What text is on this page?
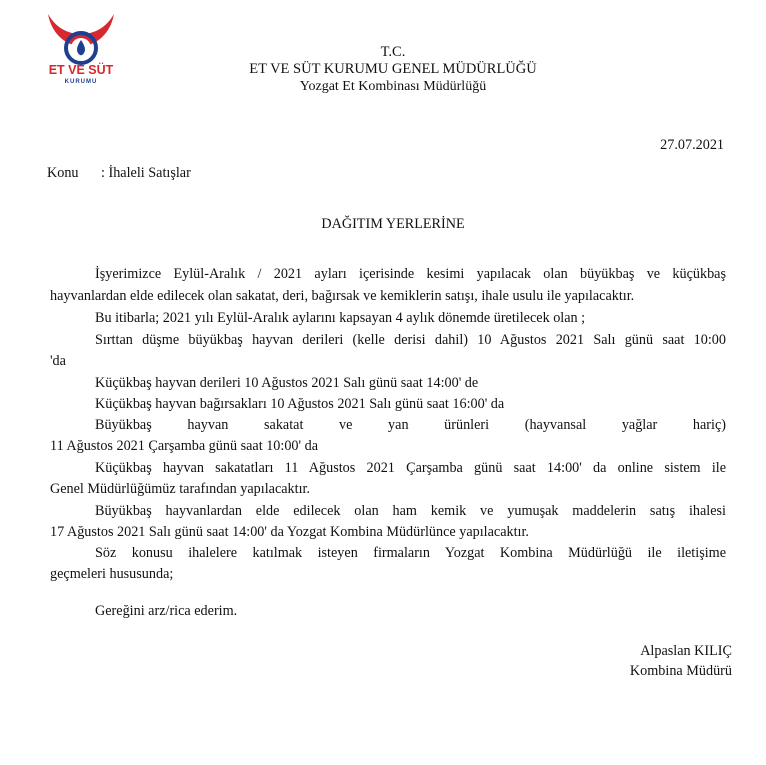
ET VE SÜT
KURUMU
T.C.
ET VE SÜT KURUMU GENEL MÜDÜRLÜĞÜ
Yozgat Et Kombinası Müdürlüğü
27.07.2021
Konu : İhaleli Satışlar
DAĞITIM YERLERİNE
İşyerimizce Eylül-Aralık / 2021 ayları içerisinde kesimi yapılacak olan büyükbaş ve küçükbaş
hayvanlardan elde edilecek olan sakatat, deri, bağırsak ve kemiklerin satışı, ihale usulu ile yapılacaktır.
Bu itibarla; 2021 yılı Eylül-Aralık aylarını kapsayan 4 aylık dönemde üretilecek olan ;
Sırttan düşme büyükbaş hayvan derileri (kelle derisi dahil) 10 Ağustos 2021 Salı günü saat 10:00
'da
Küçükbaş hayvan derileri 10 Ağustos 2021 Salı günü saat 14:00' de
Küçükbaş hayvan bağırsakları 10 Ağustos 2021 Salı günü saat 16:00' da
Büyükbaş hayvan sakatat ve yan ürünleri (hayvansal yağlar hariç)
11 Ağustos 2021 Çarşamba günü saat 10:00' da
Küçükbaş hayvan sakatatları 11 Ağustos 2021 Çarşamba günü saat 14:00' da online sistem ile
Genel Müdürlüğümüz tarafından yapılacaktır.
Büyükbaş hayvanlardan elde edilecek olan ham kemik ve yumuşak maddelerin satış ihalesi
17 Ağustos 2021 Salı günü saat 14:00' da Yozgat Kombina Müdürlünce yapılacaktır.
Söz konusu ihalelere katılmak isteyen firmaların Yozgat Kombina Müdürlüğü ile iletişime
geçmeleri hususunda;
Gereğini arz/rica ederim.
Alpaslan KILIÇ
Kombina Müdürü
